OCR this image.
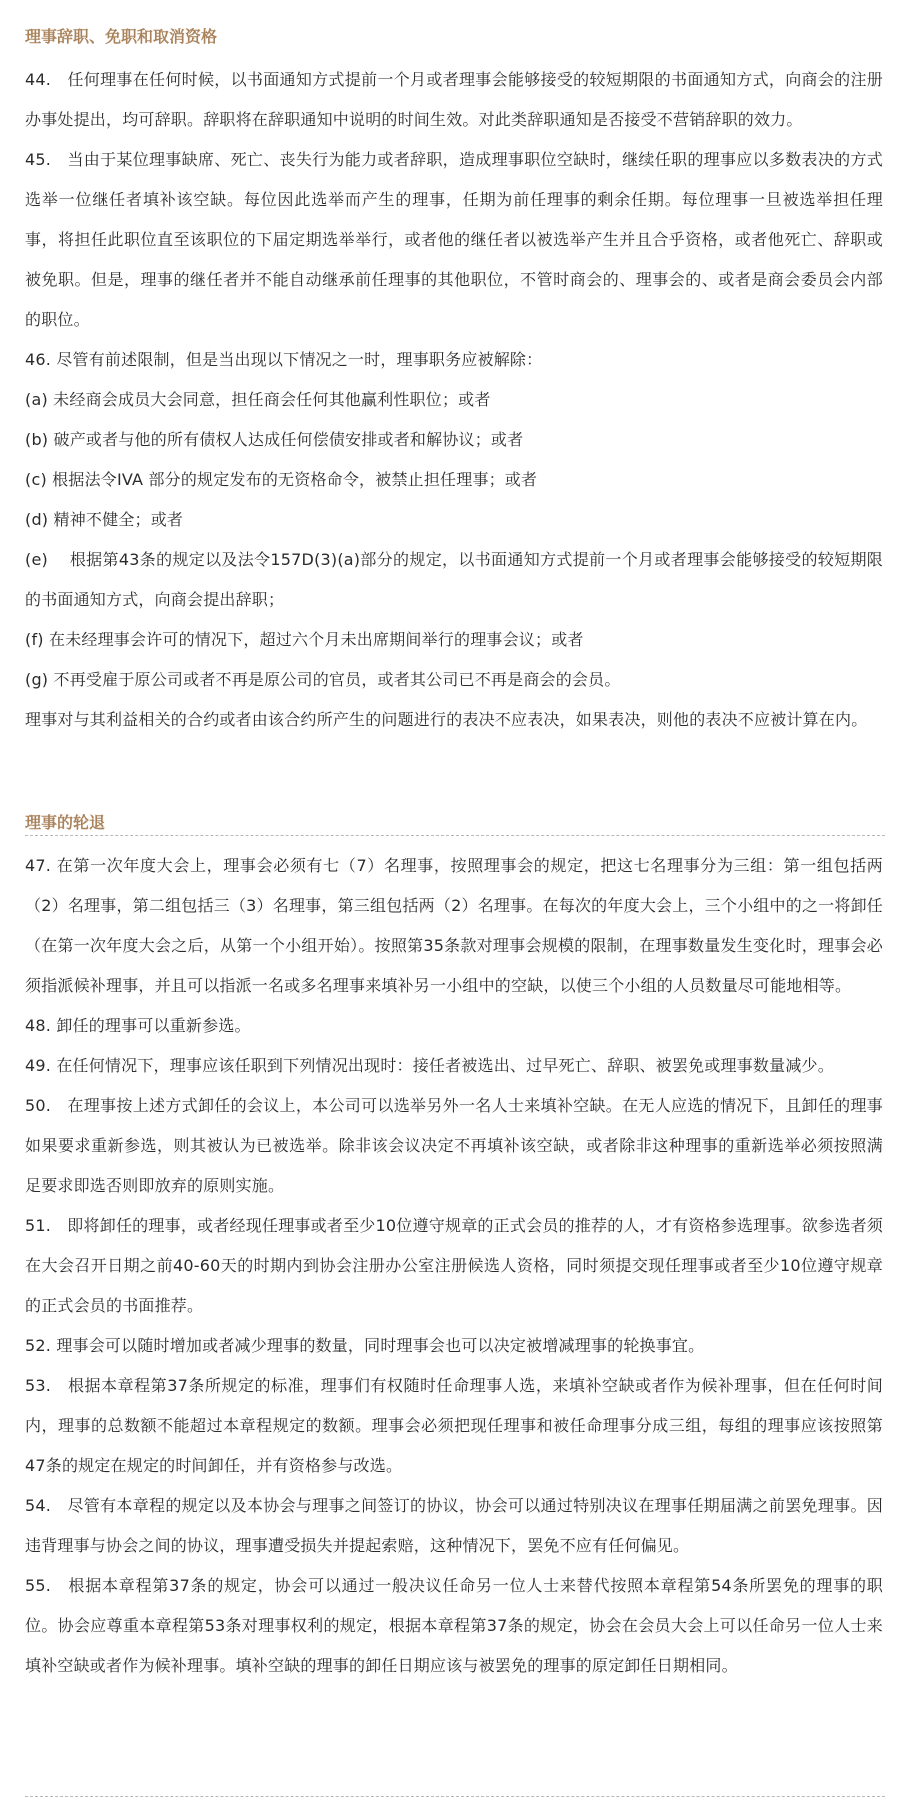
理事辞职、免职和取消资格

44.　任何理事在任何时候，以书面通知方式提前一个月或者理事会能够接受的较短期限的书面通知方式，向商会的注册办事处提出，均可辞职。辞职将在辞职通知中说明的时间生效。对此类辞职通知是否接受不营销辞职的效力。

45.　当由于某位理事缺席、死亡、丧失行为能力或者辞职，造成理事职位空缺时，继续任职的理事应以多数表决的方式选举一位继任者填补该空缺。每位因此选举而产生的理事，任期为前任理事的剩余任期。每位理事一旦被选举担任理事，将担任此职位直至该职位的下届定期选举举行，或者他的继任者以被选举产生并且合乎资格，或者他死亡、辞职或被免职。但是，理事的继任者并不能自动继承前任理事的其他职位，不管时商会的、理事会的、或者是商会委员会内部的职位。

46. 尽管有前述限制，但是当出现以下情况之一时，理事职务应被解除：

(a) 未经商会成员大会同意，担任商会任何其他赢利性职位；或者

(b) 破产或者与他的所有债权人达成任何偿债安排或者和解协议；或者

(c) 根据法令IVA 部分的规定发布的无资格命令，被禁止担任理事；或者

(d) 精神不健全；或者

(e)　 根据第43条的规定以及法令157D(3)(a)部分的规定，以书面通知方式提前一个月或者理事会能够接受的较短期限的书面通知方式，向商会提出辞职；

(f) 在未经理事会许可的情况下，超过六个月未出席期间举行的理事会议；或者

(g) 不再受雇于原公司或者不再是原公司的官员，或者其公司已不再是商会的会员。

理事对与其利益相关的合约或者由该合约所产生的问题进行的表决不应表决，如果表决，则他的表决不应被计算在内。

理事的轮退

47. 在第一次年度大会上，理事会必须有七（7）名理事，按照理事会的规定，把这七名理事分为三组：第一组包括两（2）名理事，第二组包括三（3）名理事，第三组包括两（2）名理事。在每次的年度大会上，三个小组中的之一将卸任（在第一次年度大会之后，从第一个小组开始）。按照第35条款对理事会规模的限制，在理事数量发生变化时，理事会必须指派候补理事，并且可以指派一名或多名理事来填补另一小组中的空缺，以使三个小组的人员数量尽可能地相等。

48. 卸任的理事可以重新参选。

49. 在任何情况下，理事应该任职到下列情况出现时：接任者被选出、过早死亡、辞职、被罢免或理事数量减少。

50.　在理事按上述方式卸任的会议上，本公司可以选举另外一名人士来填补空缺。在无人应选的情况下，且卸任的理事如果要求重新参选，则其被认为已被选举。除非该会议决定不再填补该空缺，或者除非这种理事的重新选举必须按照满足要求即选否则即放弃的原则实施。

51.　即将卸任的理事，或者经现任理事或者至少10位遵守规章的正式会员的推荐的人，才有资格参选理事。欲参选者须在大会召开日期之前40-60天的时期内到协会注册办公室注册候选人资格，同时须提交现任理事或者至少10位遵守规章的正式会员的书面推荐。

52. 理事会可以随时增加或者减少理事的数量，同时理事会也可以决定被增减理事的轮换事宜。

53.　根据本章程第37条所规定的标准，理事们有权随时任命理事人选，来填补空缺或者作为候补理事，但在任何时间内，理事的总数额不能超过本章程规定的数额。理事会必须把现任理事和被任命理事分成三组，每组的理事应该按照第47条的规定在规定的时间卸任，并有资格参与改选。

54.　尽管有本章程的规定以及本协会与理事之间签订的协议，协会可以通过特别决议在理事任期届满之前罢免理事。因违背理事与协会之间的协议，理事遭受损失并提起索赔，这种情况下，罢免不应有任何偏见。

55.　根据本章程第37条的规定，协会可以通过一般决议任命另一位人士来替代按照本章程第54条所罢免的理事的职位。协会应尊重本章程第53条对理事权利的规定，根据本章程第37条的规定，协会在会员大会上可以任命另一位人士来填补空缺或者作为候补理事。填补空缺的理事的卸任日期应该与被罢免的理事的原定卸任日期相同。
